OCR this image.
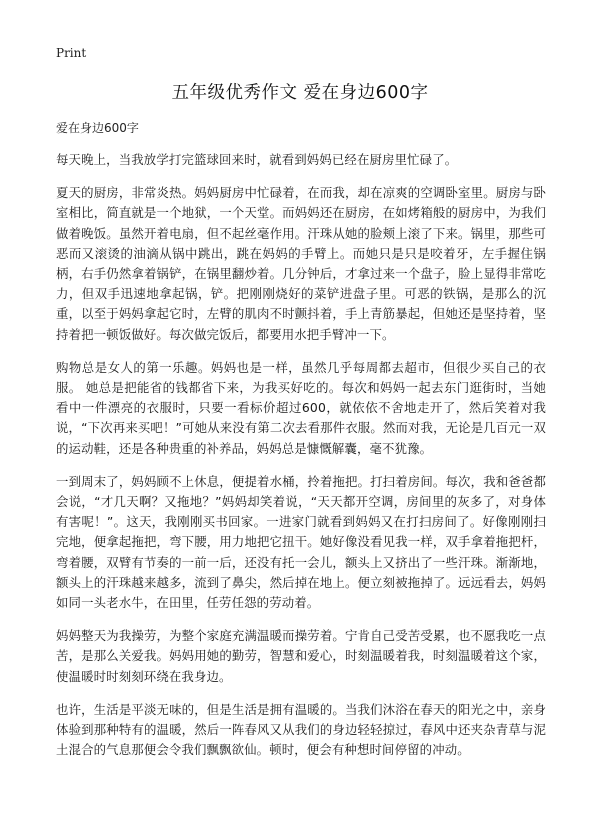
Print
五年级优秀作文 爱在身边600字
爱在身边600字

每天晚上，当我放学打完篮球回来时，就看到妈妈已经在厨房里忙碌了。

夏天的厨房，非常炎热。妈妈厨房中忙碌着，在而我，却在凉爽的空调卧室里。厨房与卧室相比，简直就是一个地狱，一个天堂。而妈妈还在厨房，在如烤箱般的厨房中，为我们做着晚饭。虽然开着电扇，但不起丝毫作用。汗珠从她的脸颊上滚了下来。锅里，那些可恶而又滚烫的油滴从锅中跳出，跳在妈妈的手臂上。而她只是只是咬着牙，左手握住锅柄，右手仍然拿着锅铲，在锅里翻炒着。几分钟后，才拿过来一个盘子，脸上显得非常吃力，但双手迅速地拿起锅，铲。把刚刚烧好的菜铲进盘子里。可恶的铁锅，是那么的沉重，以至于妈妈拿起它时，左臂的肌肉不时颤抖着，手上青筋暴起，但她还是坚持着，坚持着把一顿饭做好。每次做完饭后，都要用水把手臂冲一下。

购物总是女人的第一乐趣。妈妈也是一样，虽然几乎每周都去超市，但很少买自己的衣服。 她总是把能省的钱都省下来，为我买好吃的。每次和妈妈一起去东门逛街时，当她看中一件漂亮的衣服时，只要一看标价超过600，就依依不舍地走开了，然后笑着对我说，“下次再来买吧！”可她从来没有第二次去看那件衣服。然而对我，无论是几百元一双的运动鞋，还是各种贵重的补养品，妈妈总是慷慨解囊，毫不犹豫。

一到周末了，妈妈顾不上休息，便提着水桶，拎着拖把。打扫着房间。每次，我和爸爸都会说，“才几天啊？又拖地？”妈妈却笑着说，“天天都开空调，房间里的灰多了，对身体有害呢！”。这天，我刚刚买书回家。一进家门就看到妈妈又在打扫房间了。好像刚刚扫完地，便拿起拖把，弯下腰，用力地把它扭干。她好像没看见我一样，双手拿着拖把杆，弯着腰，双臂有节奏的一前一后，还没有托一会儿，额头上又挤出了一些汗珠。渐渐地，额头上的汗珠越来越多，流到了鼻尖，然后掉在地上。便立刻被拖掉了。远远看去，妈妈如同一头老水牛，在田里，任劳任怨的劳动着。

妈妈整天为我操劳，为整个家庭充满温暖而操劳着。宁肯自己受苦受累，也不愿我吃一点苦，是那么关爱我。妈妈用她的勤劳，智慧和爱心，时刻温暖着我，时刻温暖着这个家，使温暖时时刻刻环绕在我身边。

也许，生活是平淡无味的，但是生活是拥有温暖的。当我们沐浴在春天的阳光之中，亲身体验到那种特有的温暖，然后一阵春风又从我们的身边轻轻掠过，春风中还夹杂青草与泥土混合的气息那便会令我们飘飘欲仙。顿时，便会有种想时间停留的冲动。
